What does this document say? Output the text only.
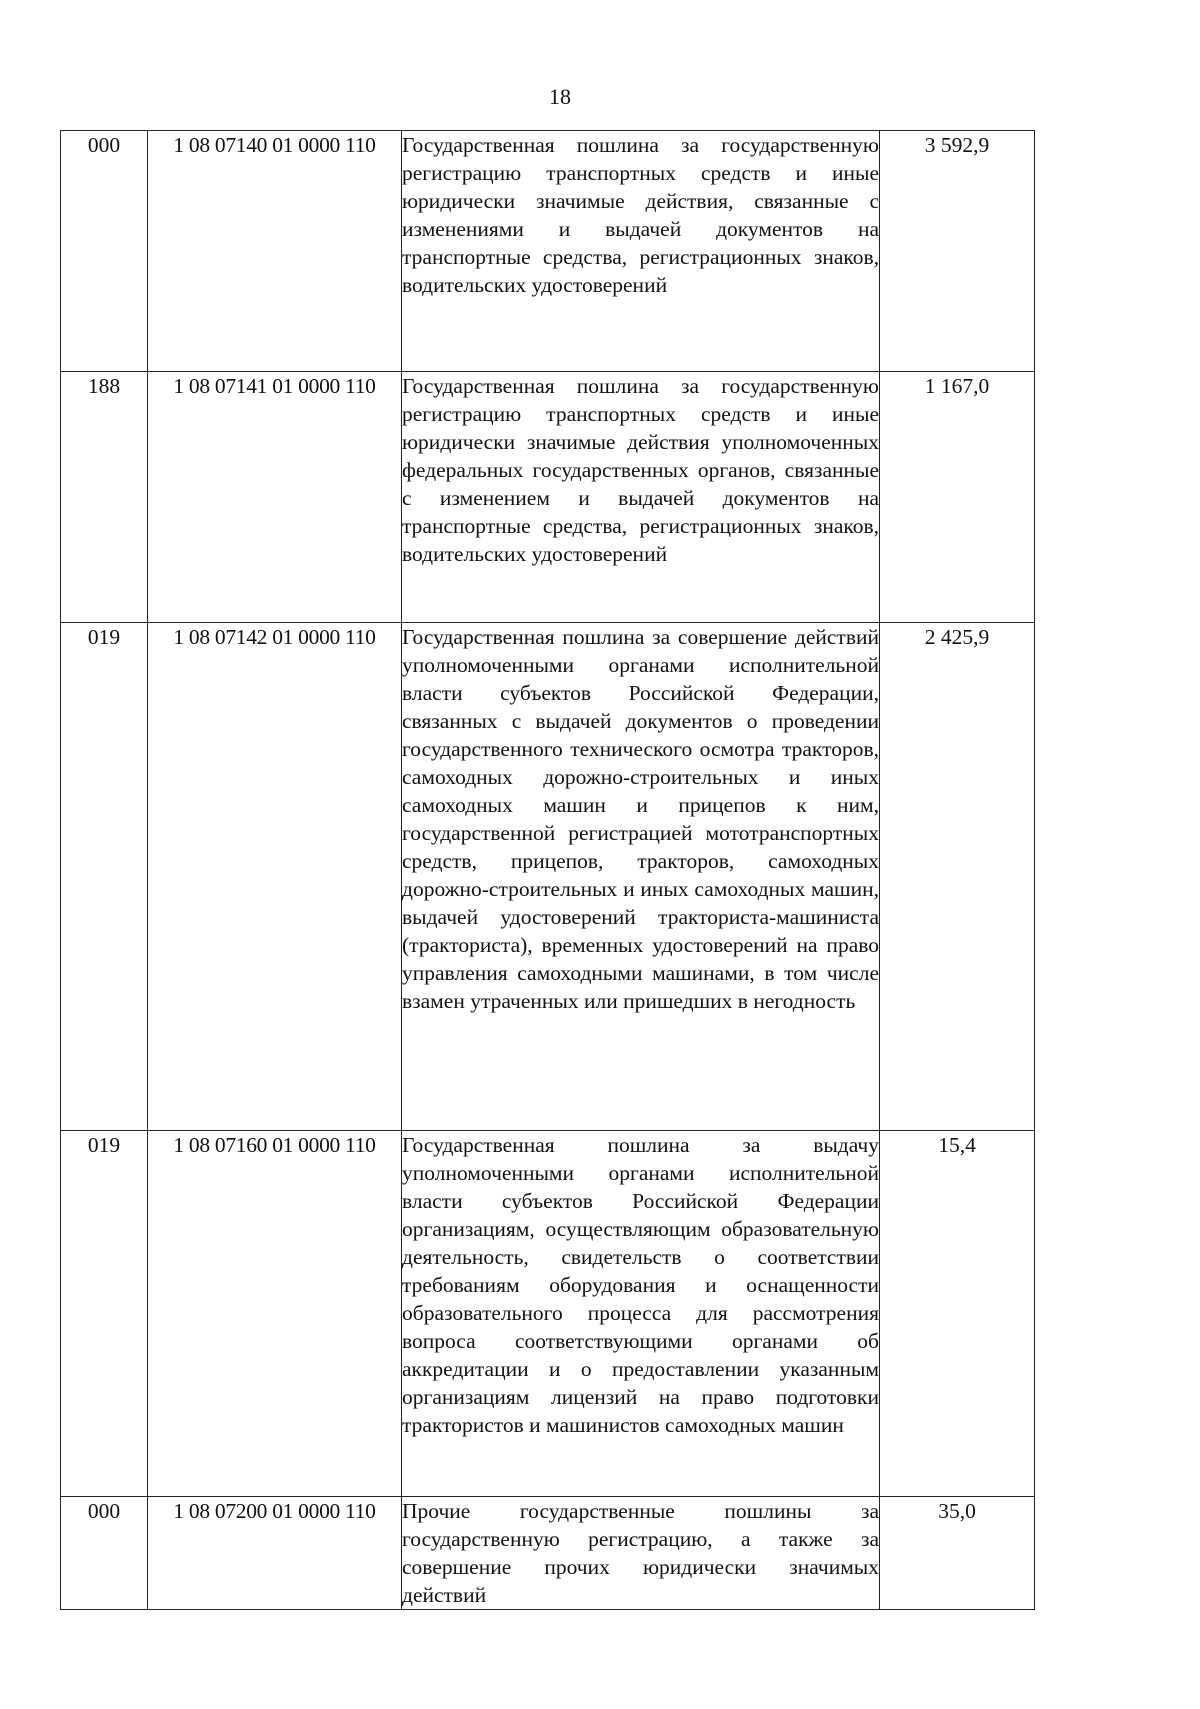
18
000	1 08 07140 01 0000 110	Государственная пошлина за государственную регистрацию транспортных средств и иные юридически значимые действия, связанные с изменениями и выдачей документов на транспортные средства, регистрационных знаков, водительских удостоверений	3 592,9
188	1 08 07141 01 0000 110	Государственная пошлина за государственную регистрацию транспортных средств и иные юридически значимые действия уполномоченных федеральных государственных органов, связанные с изменением и выдачей документов на транспортные средства, регистрационных знаков, водительских удостоверений	1 167,0
019	1 08 07142 01 0000 110	Государственная пошлина за совершение действий уполномоченными органами исполнительной власти субъектов Российской Федерации, связанных с выдачей документов о проведении государственного технического осмотра тракторов, самоходных дорожно-строительных и иных самоходных машин и прицепов к ним, государственной регистрацией мототранспортных средств, прицепов, тракторов, самоходных дорожно-строительных и иных самоходных машин, выдачей удостоверений тракториста-машиниста (тракториста), временных удостоверений на право управления самоходными машинами, в том числе взамен утраченных или пришедших в негодность	2 425,9
019	1 08 07160 01 0000 110	Государственная пошлина за выдачу уполномоченными органами исполнительной власти субъектов Российской Федерации организациям, осуществляющим образовательную деятельность, свидетельств о соответствии требованиям оборудования и оснащенности образовательного процесса для рассмотрения вопроса соответствующими органами об аккредитации и о предоставлении указанным организациям лицензий на право подготовки трактористов и машинистов самоходных машин	15,4
000	1 08 07200 01 0000 110	Прочие государственные пошлины за государственную регистрацию, а также за совершение прочих юридически значимых действий	35,0
